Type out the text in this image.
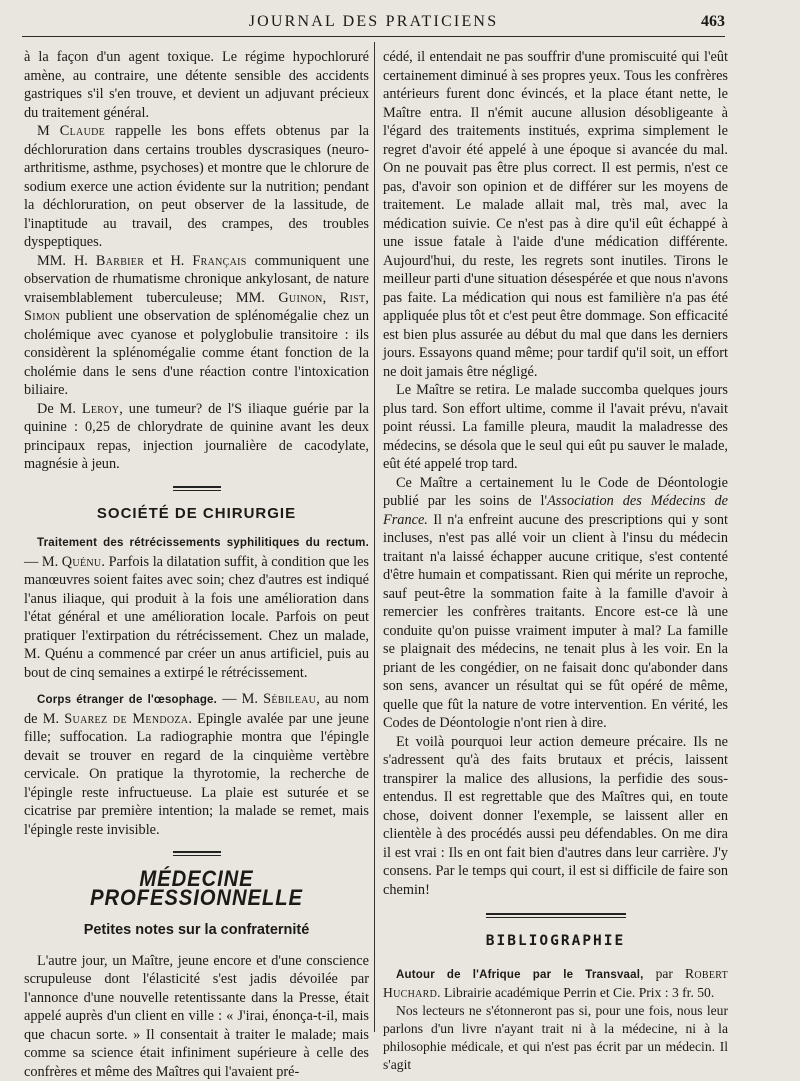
JOURNAL DES PRATICIENS	463

à la façon d'un agent toxique. Le régime hypochloruré amène, au contraire, une détente sensible des accidents gastriques s'il s'en trouve, et devient un adjuvant précieux du traitement général.

M Claude rappelle les bons effets obtenus par la déchloruration dans certains troubles dyscrasiques (neuro-arthritisme, asthme, psychoses) et montre que le chlorure de sodium exerce une action évidente sur la nutrition; pendant la déchloruration, on peut observer de la lassitude, de l'inaptitude au travail, des crampes, des troubles dyspeptiques.

MM. H. Barbier et H. Français communiquent une observation de rhumatisme chronique ankylosant, de nature vraisemblablement tuberculeuse; MM. Guinon, Rist, Simon publient une observation de splénomégalie chez un cholémique avec cyanose et polyglobulie transitoire : ils considèrent la splénomégalie comme étant fonction de la cholémie dans le sens d'une réaction contre l'intoxication biliaire.

De M. Leroy, une tumeur? de l'S iliaque guérie par la quinine : 0,25 de chlorydrate de quinine avant les deux principaux repas, injection journalière de cacodylate, magnésie à jeun.

SOCIÉTÉ DE CHIRURGIE

Traitement des rétrécissements syphilitiques du rectum. — M. Quénu. Parfois la dilatation suffit, à condition que les manœuvres soient faites avec soin; chez d'autres est indiqué l'anus iliaque, qui produit à la fois une amélioration dans l'état général et une amélioration locale. Parfois on peut pratiquer l'extirpation du rétrécissement. Chez un malade, M. Quénu a commencé par créer un anus artificiel, puis au bout de cinq semaines a extirpé le rétrécissement.

Corps étranger de l'œsophage. — M. Sébileau, au nom de M. Suarez de Mendoza. Epingle avalée par une jeune fille; suffocation. La radiographie montra que l'épingle devait se trouver en regard de la cinquième vertèbre cervicale. On pratique la thyrotomie, la recherche de l'épingle reste infructueuse. La plaie est suturée et se cicatrise par première intention; la malade se remet, mais l'épingle reste invisible.

MÉDECINE PROFESSIONNELLE
Petites notes sur la confraternité

L'autre jour, un Maître, jeune encore et d'une conscience scrupuleuse dont l'élasticité s'est jadis dévoilée par l'annonce d'une nouvelle retentissante dans la Presse, était appelé auprès d'un client en ville : « J'irai, énonça-t-il, mais que chacun sorte. » Il consentait à traiter le malade; mais comme sa science était infiniment supérieure à celle des confrères et même des Maîtres qui l'avaient pré-

cédé, il entendait ne pas souffrir d'une promiscuité qui l'eût certainement diminué à ses propres yeux. Tous les confrères antérieurs furent donc évincés, et la place étant nette, le Maître entra. Il n'émit aucune allusion désobligeante à l'égard des traitements institués, exprima simplement le regret d'avoir été appelé à une époque si avancée du mal. On ne pouvait pas être plus correct. Il est permis, n'est ce pas, d'avoir son opinion et de différer sur les moyens de traitement. Le malade allait mal, très mal, avec la médication suivie. Ce n'est pas à dire qu'il eût échappé à une issue fatale à l'aide d'une médication différente. Aujourd'hui, du reste, les regrets sont inutiles. Tirons le meilleur parti d'une situation désespérée et que nous n'avons pas faite. La médication qui nous est familière n'a pas été appliquée plus tôt et c'est peut être dommage. Son efficacité est bien plus assurée au début du mal que dans les derniers jours. Essayons quand même; pour tardif qu'il soit, un effort ne doit jamais être négligé.

Le Maître se retira. Le malade succomba quelques jours plus tard. Son effort ultime, comme il l'avait prévu, n'avait point réussi. La famille pleura, maudit la maladresse des médecins, se désola que le seul qui eût pu sauver le malade, eût été appelé trop tard.

Ce Maître a certainement lu le Code de Déontologie publié par les soins de l'Association des Médecins de France. Il n'a enfreint aucune des prescriptions qui y sont incluses, n'est pas allé voir un client à l'insu du médecin traitant n'a laissé échapper aucune critique, s'est contenté d'être humain et compatissant. Rien qui mérite un reproche, sauf peut-être la sommation faite à la famille d'avoir à remercier les confrères traitants. Encore est-ce là une conduite qu'on puisse vraiment imputer à mal? La famille se plaignait des médecins, ne tenait plus à les voir. En la priant de les congédier, on ne faisait donc qu'abonder dans son sens, avancer un résultat qui se fût opéré de même, quelle que fût la nature de votre intervention. En vérité, les Codes de Déontologie n'ont rien à dire.

Et voilà pourquoi leur action demeure précaire. Ils ne s'adressent qu'à des faits brutaux et précis, laissent transpirer la malice des allusions, la perfidie des sous-entendus. Il est regrettable que des Maîtres qui, en toute chose, doivent donner l'exemple, se laissent aller en clientèle à des procédés aussi peu défendables. On me dira il est vrai : Ils en ont fait bien d'autres dans leur carrière. J'y consens. Par le temps qui court, il est si difficile de faire son chemin!

BIBLIOGRAPHIE

Autour de l'Afrique par le Transvaal, par Robert Huchard. Librairie académique Perrin et Cie. Prix : 3 fr. 50.

Nos lecteurs ne s'étonneront pas si, pour une fois, nous leur parlons d'un livre n'ayant trait ni à la médecine, ni à la philosophie médicale, et qui n'est pas écrit par un médecin. Il s'agit
